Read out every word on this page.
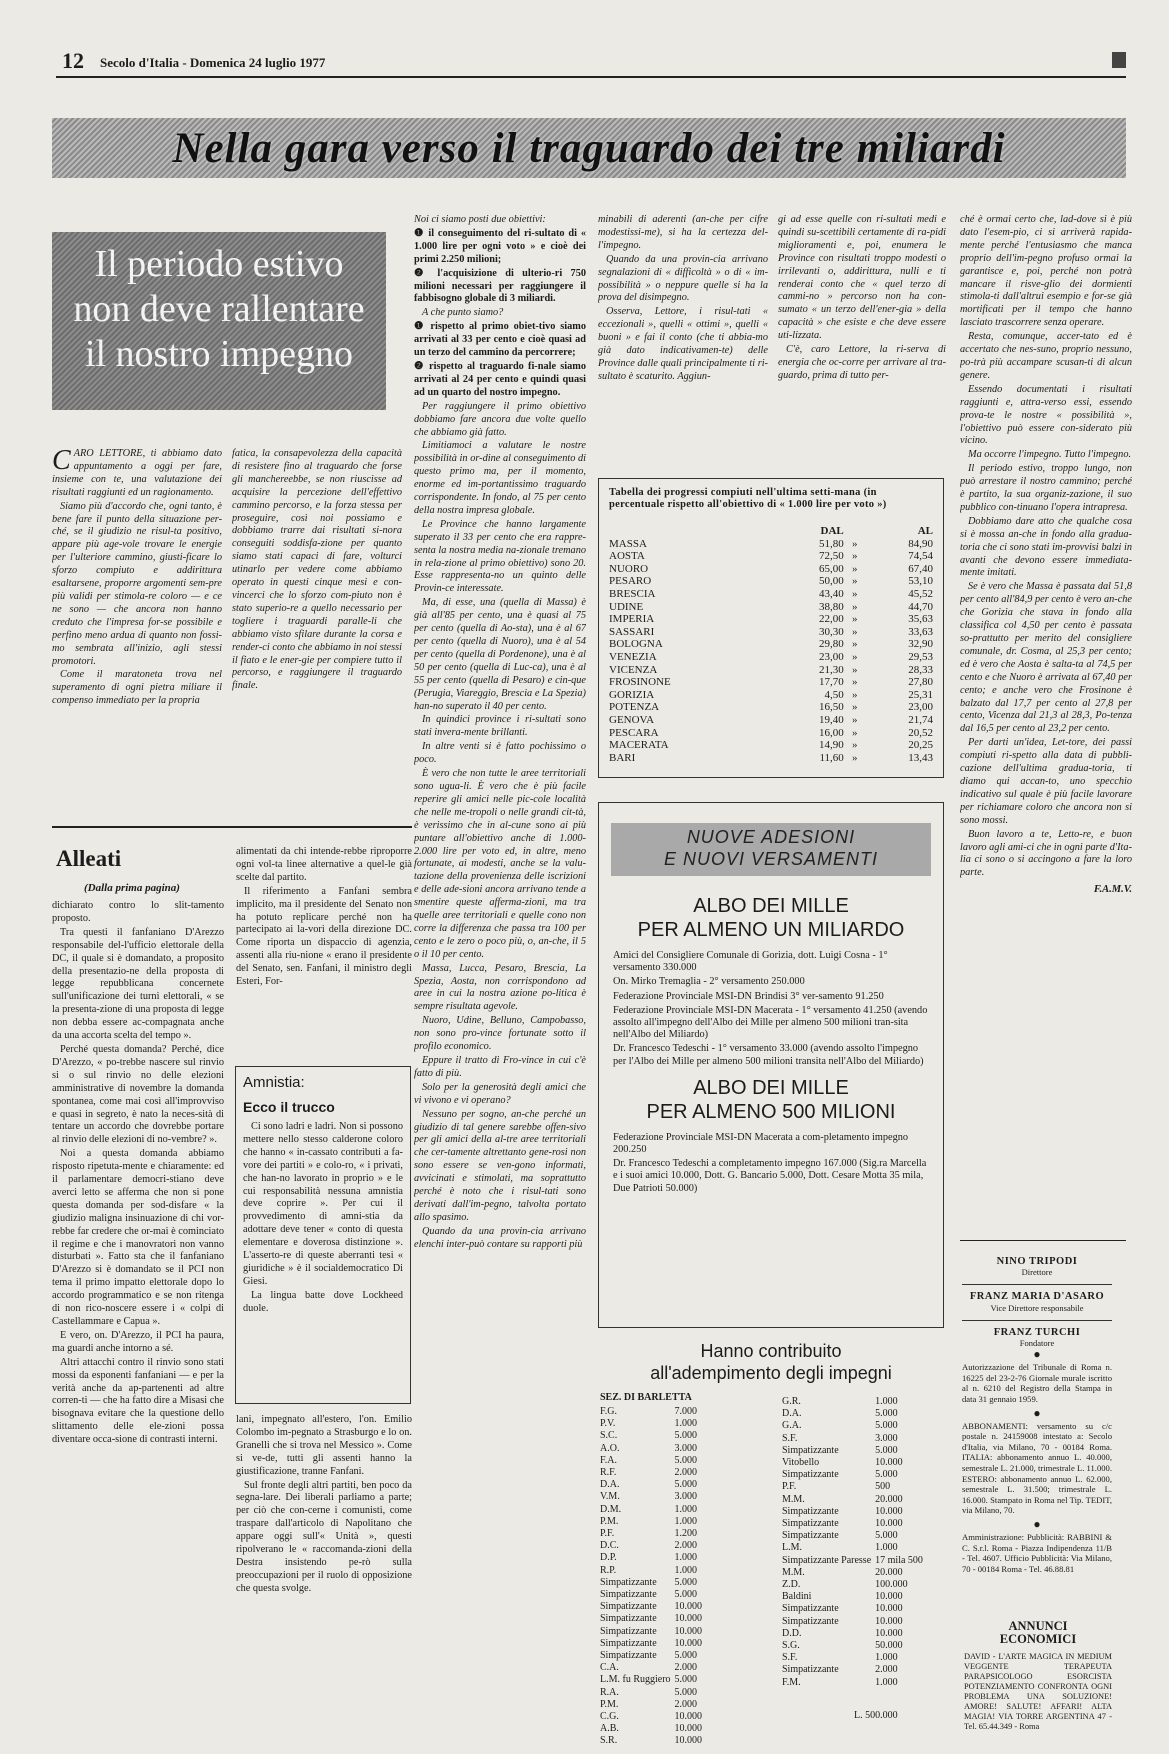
12 Secolo d'Italia - Domenica 24 luglio 1977
Nella gara verso il traguardo dei tre miliardi
Il periodo estivo
non deve rallentare
il nostro impegno

CARO LETTORE, ti abbiamo dato appuntamento a oggi per fare, insieme con te, una valutazione dei risultati raggiunti ed un ragionamento.

Siamo più d'accordo che, ogni tanto, è bene fare il punto della situazione per-ché, se il giudizio ne risul-ta positivo, appare più age-vole trovare le energie per l'ulteriore cammino, giusti-ficare lo sforzo compiuto e addirittura esaltarsene, proporre argomenti sem-pre più validi per stimola-re coloro — e ce ne sono — che ancora non hanno creduto che l'impresa for-se possibile e perfino meno ardua di quanto non fossi-mo sembrata all'inizio, agli stessi promotori.

Come il maratoneta trova nel superamento di ogni pietra miliare il compenso immediato per la propria

fatica, la consapevolezza della capacità di resistere fino al traguardo che forse gli manchereebbe, se non riuscisse ad acquisire la percezione dell'effettivo cammino percorso, e la forza stessa per proseguire, così noi possiamo e dobbiamo trarre dai risultati si-nora conseguiti soddisfa-zione per quanto siamo stati capaci di fare, volturci utinarlo per vedere come abbiamo operato in questi cinque mesi e con-vincerci che lo sforzo com-piuto non è stato superio-re a quello necessario per togliere i traguardi paralle-li che abbiamo visto sfilare durante la corsa e render-ci conto che abbiamo in noi stessi il fiato e le ener-gie per compiere tutto il percorso, e raggiungere il traguardo finale.

Noi ci siamo posti due obiettivi:

❶ il conseguimento del ri-sultato di « 1.000 lire per ogni voto » e cioè dei primi 2.250 milioni;

❷ l'acquisizione di ulterio-ri 750 milioni necessari per raggiungere il fabbisogno globale di 3 miliardi.

A che punto siamo?

❶ rispetto al primo obiet-tivo siamo arrivati al 33 per cento e cioè quasi ad un terzo del cammino da percorrere;

❷ rispetto al traguardo fi-nale siamo arrivati al 24 per cento e quindi quasi ad un quarto del nostro impegno.

Per raggiungere il primo obiettivo dobbiamo fare ancora due volte quello che abbiamo già fatto.

Limitiamoci a valutare le nostre possibilità in or-dine al conseguimento di questo primo ma, per il momento, enorme ed im-portantissimo traguardo corrispondente. In fondo, al 75 per cento della nostra impresa globale.

Le Province che hanno largamente superato il 33 per cento che era rappre-senta la nostra media na-zionale tremano in rela-zione al primo obiettivo) sono 20. Esse rappresenta-no un quinto delle Provin-ce interessate.

Ma, di esse, una (quella di Massa) è già all'85 per cento, una è quasi al 75 per cento (quella di Ao-sta), una è al 67 per cento (quella di Nuoro), una è al 54 per cento (quella di Pordenone), una è al 50 per cento (quella di Luc-ca), una è al 55 per cento (quella di Pesaro) e cin-que (Perugia, Viareggio, Brescia e La Spezia) han-no superato il 40 per cento.

In quindici province i ri-sultati sono stati invera-mente brillanti.

In altre venti si è fatto pochissimo o poco.

È vero che non tutte le aree territoriali sono ugua-li. È vero che è più facile reperire gli amici nelle pic-cole località che nelle me-tropoli o nelle grandi cit-tà, è verissimo che in al-cune sono ai più puntare all'obiettivo anche di 1.000-2.000 lire per voto ed, in altre, meno fortunate, ai modesti, anche se la valu-tazione della provenienza delle iscrizioni e delle ade-sioni ancora arrivano tende a smentire queste afferma-zioni, ma tra quelle aree territoriali e quelle cono non corre la differenza che passa tra 100 per cento e le zero o poco più, o, an-che, il 5 o il 10 per cento.

Massa, Lucca, Pesaro, Brescia, La Spezia, Aosta, non corrispondono ad aree in cui la nostra azione po-litica è sempre risultata agevole.

Nuoro, Udine, Belluno, Campobasso, non sono pro-vince fortunate sotto il profilo economico.

Eppure il tratto di Fro-vince in cui c'è fatto di più.

Solo per la generosità degli amici che vi vivono e vi operano?

Nessuno per sogno, an-che perché un giudizio di tal genere sarebbe offen-sivo per gli amici della al-tre aree territoriali che cer-tamente altrettanto gene-rosi non sono essere se ven-gono informati, avvicinati e stimolati, ma soprattutto perché è noto che i risul-tati sono derivati dall'im-pegno, talvolta portato allo spasimo.

Quando da una provin-cia arrivano elenchi inter-può contare su rapporti più

minabili di aderenti (an-che per cifre modestissi-me), si ha la certezza del-l'impegno.

Quando da una provin-cia arrivano segnalazioni di « difficoltà » o di « im-possibilità » o neppure quelle si ha la prova del disimpegno.

Osserva, Lettore, i risul-tati « eccezionali », quelli « ottimi », quelli « buoni » e fai il conto (che ti abbia-mo già dato indicativamen-te) delle Province dalle quali principalmente ti ri-sultato è scaturito. Aggiun-

gi ad esse quelle con ri-sultati medi e quindi su-scettibili certamente di ra-pidi miglioramenti e, poi, enumera le Province con risultati troppo modesti o irrilevanti o, addirittura, nulli e ti renderai conto che « quel terzo di cammi-no » percorso non ha con-sumato « un terzo dell'ener-gia » della capacità » che esiste e che deve essere uti-lizzata.

C'è, caro Lettore, la ri-serva di energia che oc-corre per arrivare al tra-guardo, prima di tutto per-

ché è ormai certo che, lad-dove si è più dato l'esem-pio, ci si arriverà rapida-mente perché l'entusiasmo che manca proprio dell'im-pegno profuso ormai la garantisce e, poi, perché non potrà mancare il risve-glio dei dormienti stimola-ti dall'altrui esempio e for-se già mortificati per il tempo che hanno lasciato trascorrere senza operare.

Resta, comunque, accer-tato ed è accertato che nes-suno, proprio nessuno, po-trà più accampare scusan-ti di alcun genere.

Essendo documentati i risultati raggiunti e, attra-verso essi, essendo prova-te le nostre « possibilità », l'obiettivo può essere con-siderato più vicino.

Ma occorre l'impegno. Tutto l'impegno.

Il periodo estivo, troppo lungo, non può arrestare il nostro cammino; perché è partito, la sua organiz-zazione, il suo pubblico con-tinuano l'opera intrapresa.

Dobbiamo dare atto che qualche cosa si è mossa an-che in fondo alla gradua-toria che ci sono stati im-provvisi balzi in avanti che devono essere immediata-mente imitati.

Se è vero che Massa è passata dal 51,8 per cento all'84,9 per cento è vero an-che che Gorizia che stava in fondo alla classifica col 4,50 per cento è passata so-prattutto per merito del consigliere comunale, dr. Cosma, al 25,3 per cento; ed è vero che Aosta è salta-ta al 74,5 per cento e che Nuoro è arrivata al 67,40 per cento; e anche vero che Frosinone è balzato dal 17,7 per cento al 27,8 per cento, Vicenza dal 21,3 al 28,3, Po-tenza dal 16,5 per cento al 23,2 per cento.

Per darti un'idea, Let-tore, dei passi compiuti ri-spetto alla data di pubbli-cazione dell'ultima gradua-toria, ti diamo qui accan-to, uno specchio indicativo sul quale è più facile lavorare per richiamare coloro che ancora non si sono mossi.

Buon lavoro a te, Letto-re, e buon lavoro agli ami-ci che in ogni parte d'Ita-lia ci sono o si accingono a fare la loro parte.

F.A.M.V.
Alleati
(Dalla prima pagina)

dichiarato contro lo slit-tamento proposto.

Tra questi il fanfaniano D'Arezzo responsabile del-l'ufficio elettorale della DC, il quale si è domandato, a proposito della presentazio-ne della proposta di legge repubblicana concernete sull'unificazione dei turni elettorali, « se la presenta-zione di una proposta di legge non debba essere ac-compagnata anche da una accorta scelta del tempo ».

Perché questa domanda? Perché, dice D'Arezzo, « po-trebbe nascere sul rinvio si o sul rinvio no delle elezioni amministrative di novembre la domanda spontanea, come mai così all'improvviso e quasi in segreto, è nato la neces-sità di tentare un accordo che dovrebbe portare al rinvio delle elezioni di no-vembre? ».

Noi a questa domanda abbiamo risposto ripetuta-mente e chiaramente: ed il parlamentare democri-stiano deve averci letto se afferma che non si pone questa domanda per sod-disfare « la giudizio maligna insinuazione di chi vor-rebbe far credere che or-mai è cominciato il regime e che i manovratori non vanno disturbati ». Fatto sta che il fanfaniano D'Arezzo si è domandato se il PCI non tema il primo impatto elettorale dopo lo accordo programmatico e se non ritenga di non rico-noscere essere i « colpi di Castellammare e Capua ».

E vero, on. D'Arezzo, il PCI ha paura, ma guardi anche intorno a sé.

Altri attacchi contro il rinvio sono stati mossi da esponenti fanfaniani — e per la verità anche da ap-partenenti ad altre corren-ti — che ha fatto dire a Misasi che bisognava evitare che la questione dello slittamento delle ele-zioni possa diventare occa-sione di contrasti interni.

alimentati da chi intende-rebbe riproporre ogni vol-ta linee alternative a quel-le già scelte dal partito.

Il riferimento a Fanfani sembra implicito, ma il presidente del Senato non ha potuto replicare perché non ha partecipato ai la-vori della direzione DC. Come riporta un dispaccio di agenzia, assenti alla riu-nione « erano il presidente del Senato, sen. Fanfani, il ministro degli Esteri, For-

Amnistia:
Ecco il trucco

Ci sono ladri e ladri. Non si possono mettere nello stesso calderone coloro che hanno « in-cassato contributi a fa-vore dei partiti » e colo-ro, « i privati, che han-no lavorato in proprio » e le cui responsabilità nessuna amnistia deve coprire ». Per cui il provvedimento di amni-stia da adottare deve tener « conto di questa elementare e doverosa distinzione ». L'asserto-re di queste aberranti tesi « giuridiche » è il socialdemocratico Di Giesi.

La lingua batte dove Lockheed duole.

lani, impegnato all'estero, l'on. Emilio Colombo im-pegnato a Strasburgo e lo on. Granelli che si trova nel Messico ». Come si ve-de, tutti gli assenti hanno la giustificazione, tranne Fanfani.

Sul fronte degli altri partiti, ben poco da segna-lare. Dei liberali parliamo a parte; per ciò che con-cerne i comunisti, come traspare dall'articolo di Napolitano che appare oggi sull'« Unità », questi ripolverano le « raccomanda-zioni della Destra insistendo pe-rò sulla preoccupazioni per il ruolo di opposizione che questa svolge.

Tabella dei progressi compiuti nell'ultima setti-mana (in percentuale rispetto all'obiettivo di « 1.000 lire per voto »)
	DAL		AL
MASSA	51,80	»	84,90
AOSTA	72,50	»	74,54
NUORO	65,00	»	67,40
PESARO	50,00	»	53,10
BRESCIA	43,40	»	45,52
UDINE	38,80	»	44,70
IMPERIA	22,00	»	35,63
SASSARI	30,30	»	33,63
BOLOGNA	29,80	»	32,90
VENEZIA	23,00	»	29,53
VICENZA	21,30	»	28,33
FROSINONE	17,70	»	27,80
GORIZIA	4,50	»	25,31
POTENZA	16,50	»	23,00
GENOVA	19,40	»	21,74
PESCARA	16,00	»	20,52
MACERATA	14,90	»	20,25
BARI	11,60	»	13,43
NUOVE ADESIONI
E NUOVI VERSAMENTI
ALBO DEI MILLE
PER ALMENO UN MILIARDO
Amici del Consigliere Comunale di Gorizia, dott. Luigi Cosna - 1° versamento 330.000
On. Mirko Tremaglia - 2° versamento 250.000
Federazione Provinciale MSI-DN Brindisi 3° ver-samento 91.250
Federazione Provinciale MSI-DN Macerata - 1° versamento 41.250 (avendo assolto all'impegno dell'Albo dei Mille per almeno 500 milioni tran-sita nell'Albo del Miliardo)
Dr. Francesco Tedeschi - 1° versamento 33.000 (avendo assolto l'impegno per l'Albo dei Mille per almeno 500 milioni transita nell'Albo del Miliardo)
ALBO DEI MILLE
PER ALMENO 500 MILIONI
Federazione Provinciale MSI-DN Macerata a com-pletamento impegno 200.250
Dr. Francesco Tedeschi a completamento impegno 167.000 (Sig.ra Marcella e i suoi amici 10.000, Dott. G. Bancario 5.000, Dott. Cesare Motta 35 mila, Due Patrioti 50.000)
Hanno contribuito
all'adempimento degli impegni
SEZ. DI BARLETTA
F.G.	7.000
P.V.	1.000
S.C.	5.000
A.O.	3.000
F.A.	5.000
R.F.	2.000
D.A.	5.000
V.M.	3.000
D.M.	1.000
P.M.	1.000
P.F.	1.200
D.C.	2.000
D.P.	1.000
R.P.	1.000
Simpatizzante	5.000
Simpatizzante	5.000
Simpatizzante	10.000
Simpatizzante	10.000
Simpatizzante	10.000
Simpatizzante	10.000
Simpatizzante	5.000
C.A.	2.000
L.M. fu Ruggiero	5.000
R.A.	5.000
P.M.	2.000
C.G.	10.000
A.B.	10.000
S.R.	10.000
G.R.	1.000
D.A.	5.000
G.A.	5.000
S.F.	3.000
Simpatizzante	5.000
Vitobello	10.000
Simpatizzante	5.000
P.F.	500
M.M.	20.000
Simpatizzante	10.000
Simpatizzante	10.000
Simpatizzante	5.000
L.M.	1.000
Simpatizzante Paresse	17 mila 500
M.M.	20.000
Z.D.	100.000
Baldini	10.000
Simpatizzante	10.000
Simpatizzante	10.000
D.D.	10.000
S.G.	50.000
S.F.	1.000
Simpatizzante	2.000
F.M.	1.000
L. 500.000
NINO TRIPODI
Direttore
FRANZ MARIA D'ASARO
Vice Direttore responsabile
FRANZ TURCHI
Fondatore
●
Autorizzazione del Tribunale di Roma n. 16225 del 23-2-76 Giornale murale iscritto al n. 6210 del Registro della Stampa in data 31 gennaio 1959.
●
ABBONAMENTI: versamento su c/c postale n. 24159008 intestato a: Secolo d'Italia, via Milano, 70 - 00184 Roma. ITALIA: abbonamento annuo L. 40.000, semestrale L. 21.000, trimestrale L. 11.000. ESTERO: abbonamento annuo L. 62.000, semestrale L. 31.500; trimestrale L. 16.000. Stampato in Roma nel Tip. TEDIT, via Milano, 70.
●
Amministrazione: Pubblicità: RABBINI & C. S.r.l. Roma - Piazza Indipendenza 11/B - Tel. 4607. Ufficio Pubblicità: Via Milano, 70 - 00184 Roma - Tel. 46.88.81
ANNUNCI
ECONOMICI
DAVID - L'ARTE MAGICA IN MEDIUM VEGGENTE TERAPEUTA PARAPSICOLOGO ESORCISTA POTENZIAMENTO CONFRONTA OGNI PROBLEMA UNA SOLUZIONE! AMORE! SALUTE! AFFARI! ALTA MAGIA! VIA TORRE ARGENTINA 47 - Tel. 65.44.349 - Roma
